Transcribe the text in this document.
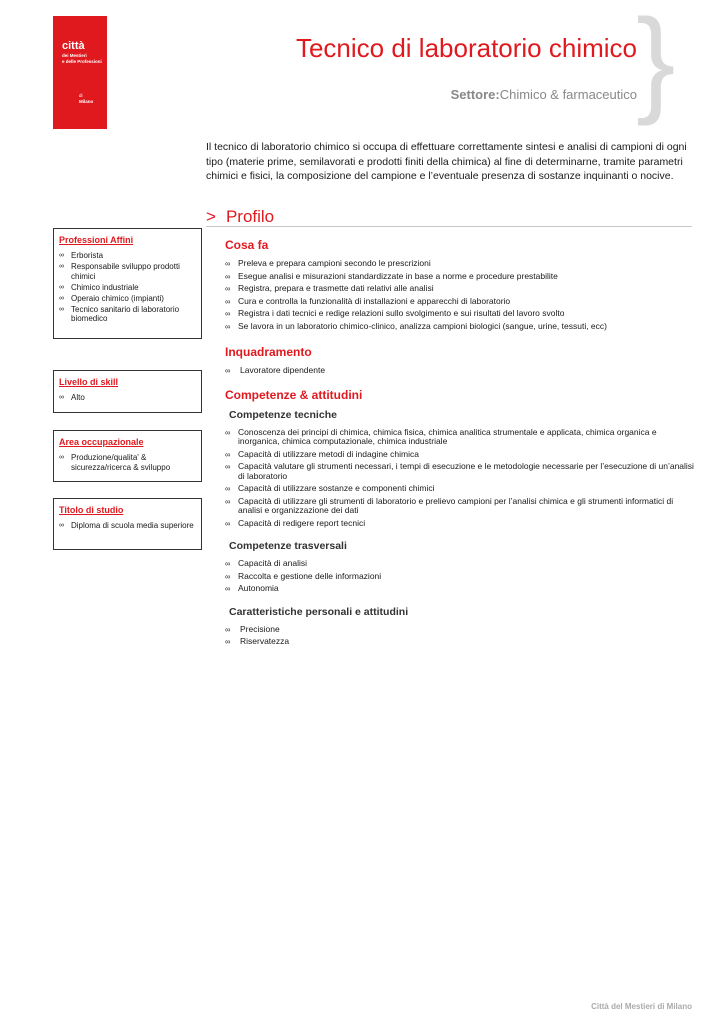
città
dei Mestieri
e delle Professioni
di
Milano	}
Tecnico di laboratorio chimico
Settore:Chimico & farmaceutico
Il tecnico di laboratorio chimico si occupa di effettuare correttamente sintesi e analisi di campioni di ogni tipo (materie prime, semilavorati e prodotti finiti della chimica) al fine di determinarne, tramite parametri chimici e fisici, la composizione del campione e l’eventuale presenza di sostanze inquinanti o nocive.
> Profilo
Professioni Affini
∞ Erborista
∞ Responsabile sviluppo prodotti chimici
∞ Chimico industriale
∞ Operaio chimico (impianti)
∞ Tecnico sanitario di laboratorio biomedico
Livello di skill
∞ Alto
Area occupazionale
∞ Produzione/qualita' & sicurezza/ricerca & sviluppo
Titolo di studio
∞ Diploma di scuola media superiore
Cosa fa
∞ Preleva e prepara campioni secondo le prescrizioni
∞ Esegue analisi e misurazioni standardizzate in base a norme e procedure prestabilite
∞ Registra, prepara e trasmette dati relativi alle analisi
∞ Cura e controlla la funzionalità di installazioni e apparecchi di laboratorio
∞ Registra i dati tecnici e redige relazioni sullo svolgimento e sui risultati del lavoro svolto
∞ Se lavora in un laboratorio chimico-clinico, analizza campioni biologici (sangue, urine, tessuti, ecc)
Inquadramento
∞ Lavoratore dipendente
Competenze & attitudini
Competenze tecniche
∞ Conoscenza dei principi di chimica, chimica fisica, chimica analitica strumentale e applicata, chimica organica e inorganica, chimica computazionale, chimica industriale
∞ Capacità di utilizzare metodi di indagine chimica
∞ Capacità valutare gli strumenti necessari, i tempi di esecuzione e le metodologie necessarie per l’esecuzione di un’analisi di laboratorio
∞ Capacità di utilizzare sostanze e componenti chimici
∞ Capacità di utilizzare gli strumenti di laboratorio e prelievo campioni per l’analisi chimica e gli strumenti informatici di analisi e organizzazione dei dati
∞ Capacità di redigere report tecnici
Competenze trasversali
∞ Capacità di analisi
∞ Raccolta e gestione delle informazioni
∞ Autonomia
Caratteristiche personali e attitudini
∞ Precisione
∞ Riservatezza
Città del Mestieri di Milano
